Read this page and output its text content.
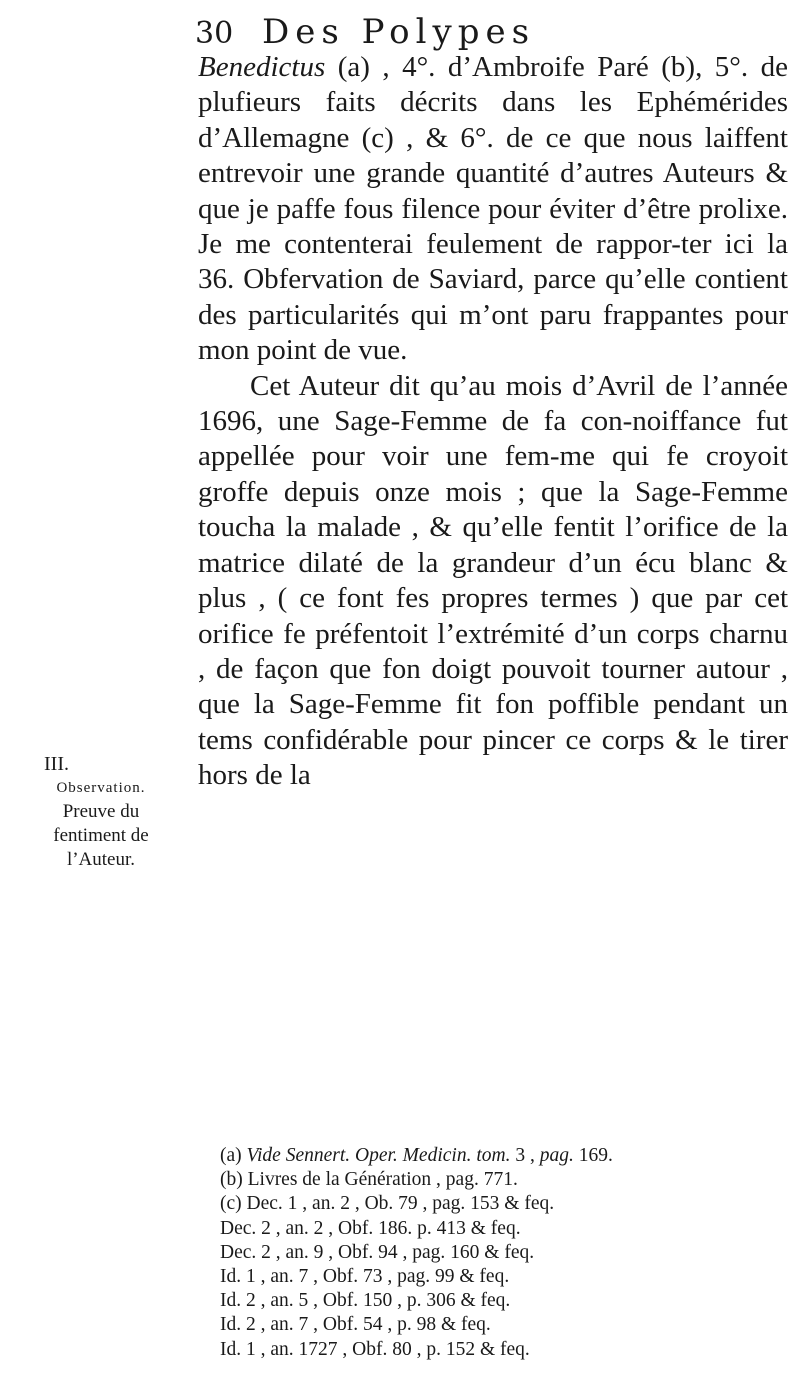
30 Des Polypes

Benedictus (a) , 4°. d’Ambroife Paré (b), 5°. de plufieurs faits décrits dans les Ephémérides d’Allemagne (c) , & 6°. de ce que nous laiffent entrevoir une grande quantité d’autres Auteurs & que je paffe fous filence pour éviter d’être prolixe. Je me contenterai feulement de rappor-ter ici la 36. Obfervation de Saviard, parce qu’elle contient des particularités qui m’ont paru frappantes pour mon point de vue.

Cet Auteur dit qu’au mois d’Avril de l’année 1696, une Sage-Femme de fa con-noiffance fut appellée pour voir une fem-me qui fe croyoit groffe depuis onze mois ; que la Sage-Femme toucha la malade , & qu’elle fentit l’orifice de la matrice dilaté de la grandeur d’un écu blanc & plus , ( ce font fes propres termes ) que par cet orifice fe préfentoit l’extrémité d’un corps charnu , de façon que fon doigt pouvoit tourner autour , que la Sage-Femme fit fon poffible pendant un tems confidérable pour pincer ce corps & le tirer hors de la

III.
Observation.
Preuve du
fentiment de
l’Auteur.
(a) Vide Sennert. Oper. Medicin. tom. 3 , pag. 169.
(b) Livres de la Génération , pag. 771.
(c) Dec. 1 , an. 2 , Ob. 79 , pag. 153 & feq.
Dec. 2 , an. 2 , Obf. 186. p. 413 & feq.
Dec. 2 , an. 9 , Obf. 94 , pag. 160 & feq.
Id. 1 , an. 7 , Obf. 73 , pag. 99 & feq.
Id. 2 , an. 5 , Obf. 150 , p. 306 & feq.
Id. 2 , an. 7 , Obf. 54 , p. 98 & feq.
Id. 1 , an. 1727 , Obf. 80 , p. 152 & feq.
